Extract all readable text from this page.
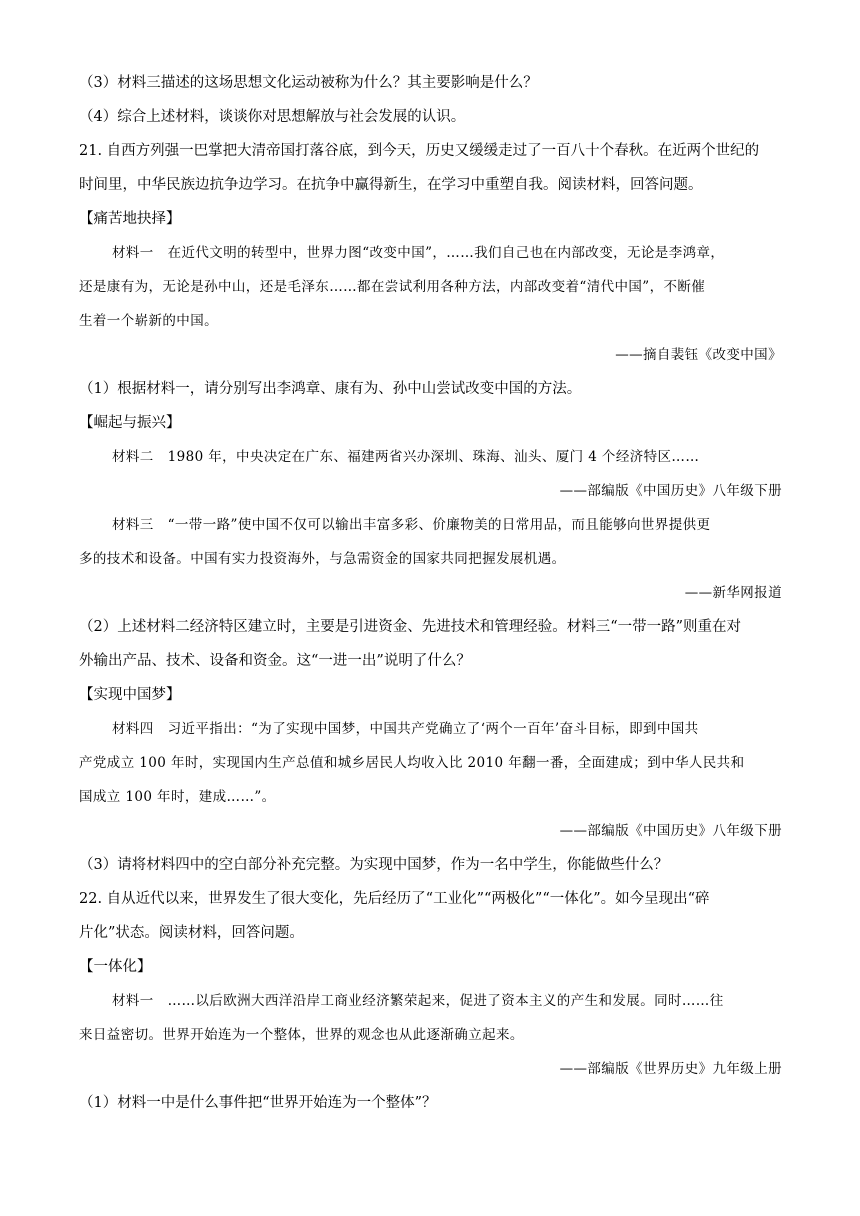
（3）材料三描述的这场思想文化运动被称为什么？其主要影响是什么？
（4）综合上述材料，谈谈你对思想解放与社会发展的认识。
21. 自西方列强一巴掌把大清帝国打落谷底，到今天，历史又缓缓走过了一百八十个春秋。在近两个世纪的
时间里，中华民族边抗争边学习。在抗争中赢得新生，在学习中重塑自我。阅读材料，回答问题。
【痛苦地抉择】
材料一　在近代文明的转型中，世界力图“改变中国”，……我们自己也在内部改变，无论是李鸿章，
还是康有为，无论是孙中山，还是毛泽东……都在尝试利用各种方法，内部改变着“清代中国”，不断催
生着一个崭新的中国。
——摘自裴钰《改变中国》
（1）根据材料一，请分别写出李鸿章、康有为、孙中山尝试改变中国的方法。
【崛起与振兴】
材料二　1980 年，中央决定在广东、福建两省兴办深圳、珠海、汕头、厦门 4 个经济特区……
——部编版《中国历史》八年级下册
材料三　“一带一路”使中国不仅可以输出丰富多彩、价廉物美的日常用品，而且能够向世界提供更
多的技术和设备。中国有实力投资海外，与急需资金的国家共同把握发展机遇。
——新华网报道
（2）上述材料二经济特区建立时，主要是引进资金、先进技术和管理经验。材料三“一带一路”则重在对
外输出产品、技术、设备和资金。这“一进一出”说明了什么？
【实现中国梦】
材料四　习近平指出：“为了实现中国梦，中国共产党确立了‘两个一百年’奋斗目标，即到中国共
产党成立 100 年时，实现国内生产总值和城乡居民人均收入比 2010 年翻一番，全面建成；到中华人民共和
国成立 100 年时，建成……”。
——部编版《中国历史》八年级下册
（3）请将材料四中的空白部分补充完整。为实现中国梦，作为一名中学生，你能做些什么？
22. 自从近代以来，世界发生了很大变化，先后经历了“工业化”“两极化”“一体化”。如今呈现出“碎
片化”状态。阅读材料，回答问题。
【一体化】
材料一　……以后欧洲大西洋沿岸工商业经济繁荣起来，促进了资本主义的产生和发展。同时……往
来日益密切。世界开始连为一个整体，世界的观念也从此逐渐确立起来。
——部编版《世界历史》九年级上册
（1）材料一中是什么事件把“世界开始连为一个整体”？
